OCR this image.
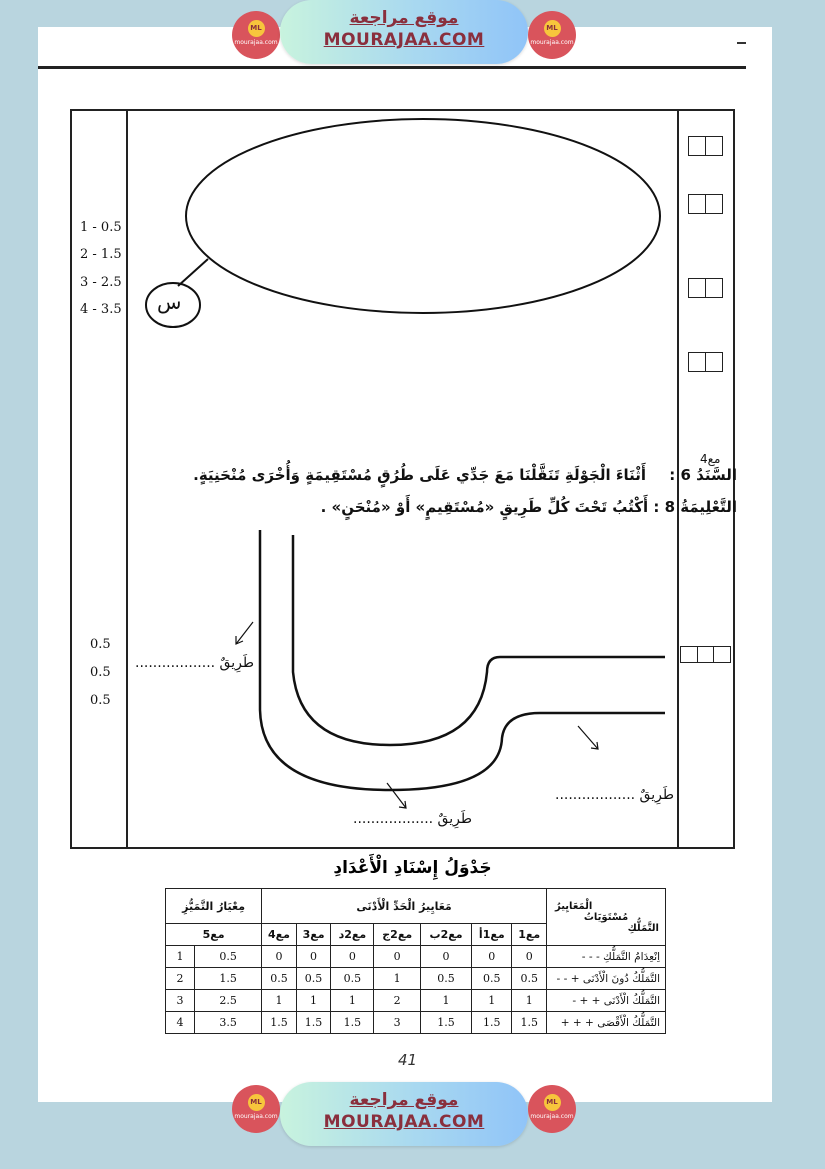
ML
mourajaa.com
موقع مراجعة
MOURAJAA.COM
ML
mourajaa.com
1 - 0.5
2 - 1.5
3 - 2.5
4 - 3.5
0.5
0.5
0.5
مع4
س
السَّنَدُ 6 : أَثْنَاءَ الْجَوْلَةِ تَنَقَّلْنَا مَعَ جَدِّي عَلَى طُرُقٍ مُسْتَقِيمَةٍ وَأُخْرَى مُنْحَنِيَةٍ.
التَّعْلِيمَةُ 8 : أَكْتُبُ تَحْتَ كُلِّ طَرِيقٍ «مُسْتَقِيمٍ» أَوْ «مُنْحَنٍ» .
طَرِيقٌ ..................
طَرِيقٌ ..................
طَرِيقٌ ..................
جَدْوَلُ إِسْنَادِ الْأَعْدَادِ
الْمَعَايِيرُ
مُسْتَوَيَاتُ
التَّمَلُّكِ	مَعَايِيرُ الْحَدِّ الْأَدْنَى							مِعْيَارُ التَّمَيُّزِ	
	مع1	مع1أ	مع2ب	مع2ج	مع2د	مع3	مع4	مع5	
اِنْعِدَامُ التَّمَلُّكِ - - -	0	0	0	0	0	0	0	0.5	1
التَّمَلُّكُ دُونَ الْأَدْنَى + - -	0.5	0.5	0.5	1	0.5	0.5	0.5	1.5	2
التَّمَلُّكُ الْأَدْنَى + + -	1	1	1	2	1	1	1	2.5	3
التَّمَلُّكُ الْأَقْصَى + + +	1.5	1.5	1.5	3	1.5	1.5	1.5	3.5	4
41
ML
mourajaa.com
موقع مراجعة
MOURAJAA.COM
ML
mourajaa.com
